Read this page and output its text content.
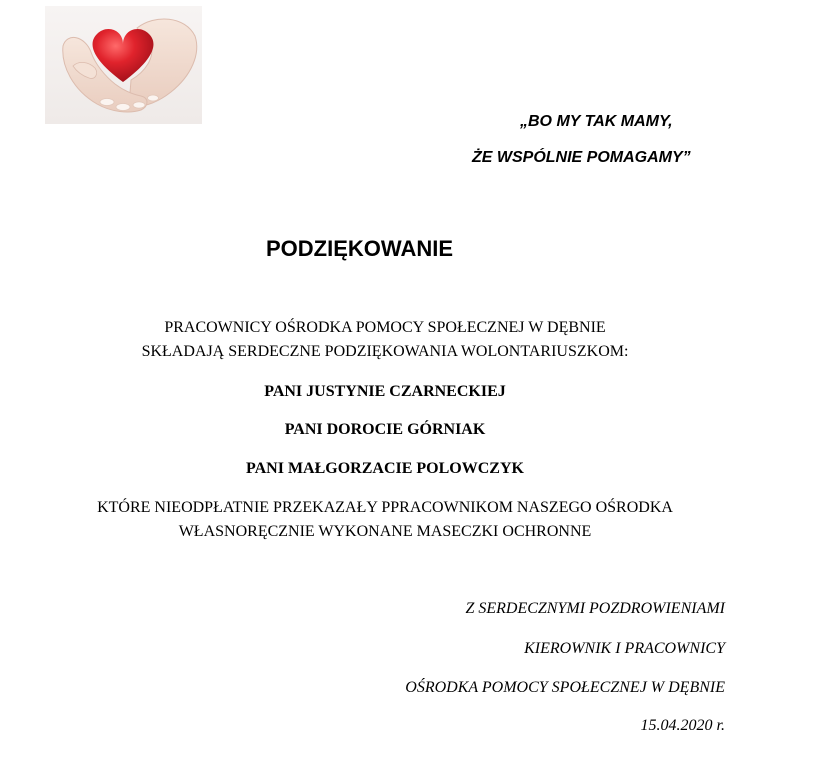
„BO MY TAK MAMY,
ŻE WSPÓLNIE POMAGAMY”
PODZIĘKOWANIE
PRACOWNICY OŚRODKA POMOCY SPOŁECZNEJ W DĘBNIE
SKŁADAJĄ SERDECZNE PODZIĘKOWANIA WOLONTARIUSZKOM:
PANI JUSTYNIE CZARNECKIEJ
PANI DOROCIE GÓRNIAK
PANI MAŁGORZACIE POLOWCZYK
KTÓRE NIEODPŁATNIE PRZEKAZAŁY PPRACOWNIKOM NASZEGO OŚRODKA
WŁASNORĘCZNIE WYKONANE MASECZKI OCHRONNE
Z SERDECZNYMI POZDROWIENIAMI
KIEROWNIK I PRACOWNICY
OŚRODKA POMOCY SPOŁECZNEJ W DĘBNIE
15.04.2020 r.
